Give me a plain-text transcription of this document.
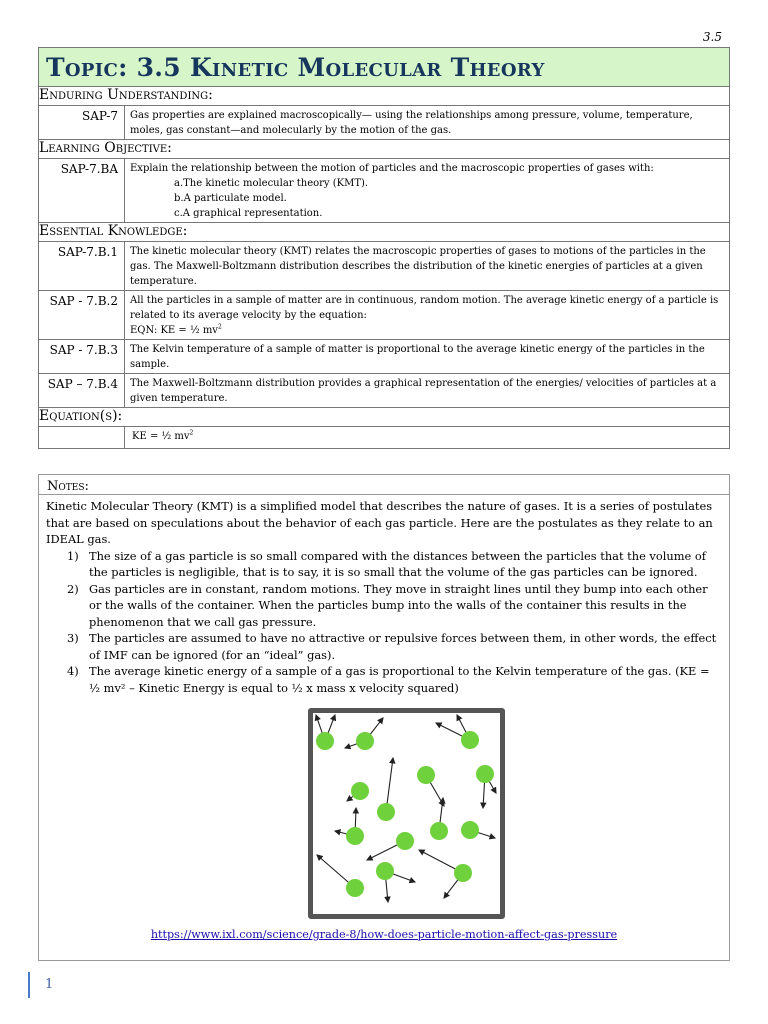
3.5
Topic: 3.5 Kinetic Molecular Theory
Enduring Understanding:	
SAP-7	Gas properties are explained macroscopically— using the relationships among pressure, volume, temperature, moles, gas constant—and molecularly by the motion of the gas.
Learning Objective:	
SAP-7.BA	Explain the relationship between the motion of particles and the macroscopic properties of gases with:
a.The kinetic molecular theory (KMT).
b.A particulate model.
c.A graphical representation.

Essential Knowledge:	
SAP-7.B.1	The kinetic molecular theory (KMT) relates the macroscopic properties of gases to motions of the particles in the gas. The Maxwell-Boltzmann distribution describes the distribution of the kinetic energies of particles at a given temperature.
SAP - 7.B.2	All the particles in a sample of matter are in continuous, random motion. The average kinetic energy of a particle is related to its average velocity by the equation:
EQN: KE = ½ $mv^2$

SAP - 7.B.3	The Kelvin temperature of a sample of matter is proportional to the average kinetic energy of the particles in the sample.
SAP – 7.B.4	The Maxwell-Boltzmann distribution provides a graphical representation of the energies/ velocities of particles at a given temperature.
Equation(s):	
	KE = ½ $mv^2$
Notes:
Kinetic Molecular Theory (KMT) is a simplified model that describes the nature of gases. It is a series of postulates that are based on speculations about the behavior of each gas particle. Here are the postulates as they relate to an IDEAL gas.
1) The size of a gas particle is so small compared with the distances between the particles that the volume of the particles is negligible, that is to say, it is so small that the volume of the gas particles can be ignored.
2) Gas particles are in constant, random motions. They move in straight lines until they bump into each other or the walls of the container. When the particles bump into the walls of the container this results in the phenomenon that we call gas pressure.
3) The particles are assumed to have no attractive or repulsive forces between them, in other words, the effect of IMF can be ignored (for an “ideal” gas).
4) The average kinetic energy of a sample of a gas is proportional to the Kelvin temperature of the gas. (KE = ½ mv² – Kinetic Energy is equal to ½ x mass x velocity squared)
https://www.ixl.com/science/grade-8/how-does-particle-motion-affect-gas-pressure
1
